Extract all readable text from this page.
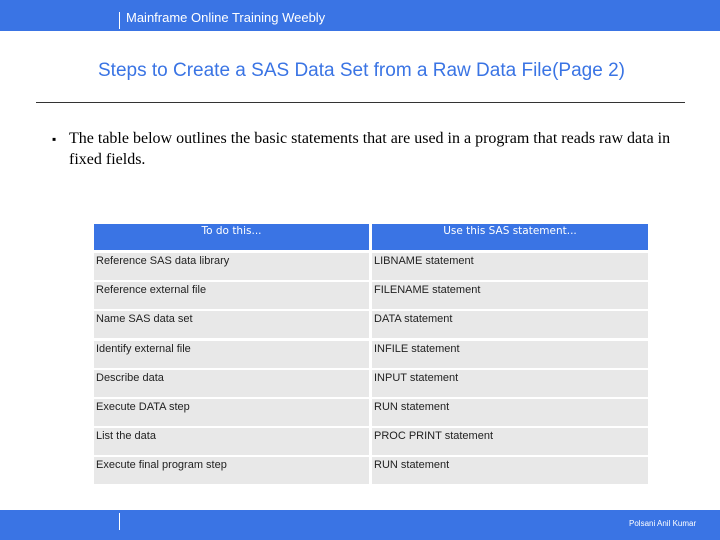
Mainframe Online Training Weebly
Steps to Create a SAS Data Set from a Raw Data File(Page 2)
▪ The table below outlines the basic statements that are used in a program that reads raw data in fixed fields.
To do this...	Use this SAS statement...
Reference SAS data library	LIBNAME statement
Reference external file	FILENAME statement
Name SAS data set	DATA statement
Identify external file	INFILE statement
Describe data	INPUT statement
Execute DATA step	RUN statement
List the data	PROC PRINT statement
Execute final program step	RUN statement
Polsani Anil Kumar
